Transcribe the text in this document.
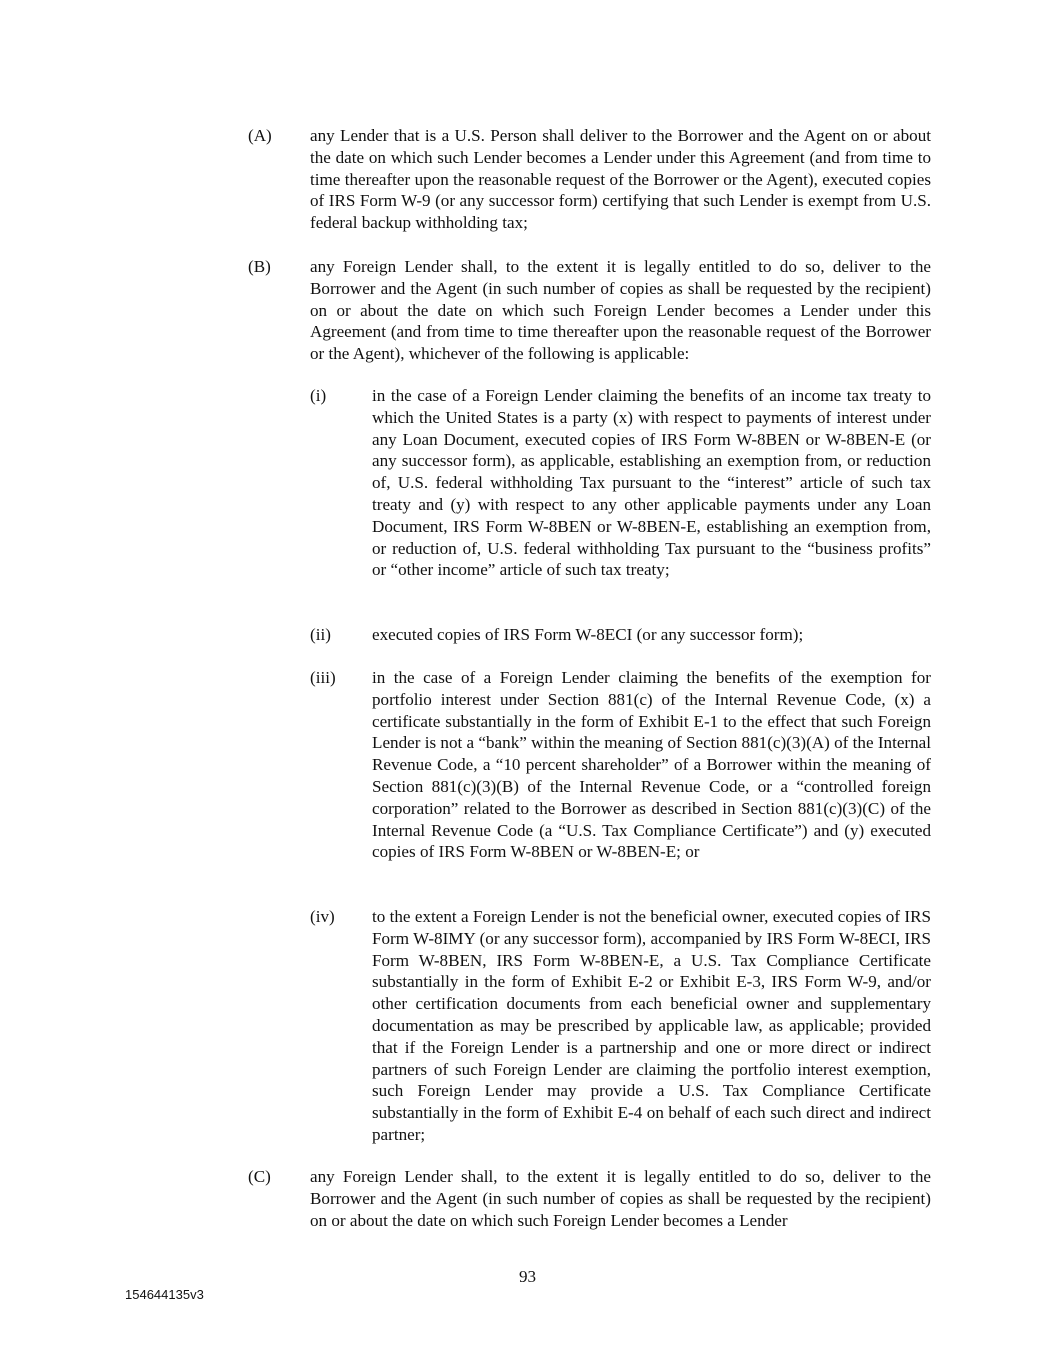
(A) any Lender that is a U.S. Person shall deliver to the Borrower and the Agent on or about the date on which such Lender becomes a Lender under this Agreement (and from time to time thereafter upon the reasonable request of the Borrower or the Agent), executed copies of IRS Form W-9 (or any successor form) certifying that such Lender is exempt from U.S. federal backup withholding tax;

(B) any Foreign Lender shall, to the extent it is legally entitled to do so, deliver to the Borrower and the Agent (in such number of copies as shall be requested by the recipient) on or about the date on which such Foreign Lender becomes a Lender under this Agreement (and from time to time thereafter upon the reasonable request of the Borrower or the Agent), whichever of the following is applicable:

(i)	in the case of a Foreign Lender claiming the benefits of an income tax treaty to which the United States is a party (x) with respect to payments of interest under any Loan Document, executed copies of IRS Form W-8BEN or W-8BEN-E (or any successor form), as applicable, establishing an exemption from, or reduction of, U.S. federal withholding Tax pursuant to the “interest” article of such tax treaty and (y) with respect to any other applicable payments under any Loan Document, IRS Form W-8BEN or W-8BEN-E, establishing an exemption from, or reduction of, U.S. federal withholding Tax pursuant to the “business profits” or “other income” article of such tax treaty;

(ii) executed copies of IRS Form W-8ECI (or any successor form);

(iii) in the case of a Foreign Lender claiming the benefits of the exemption for portfolio interest under Section 881(c) of the Internal Revenue Code, (x) a certificate substantially in the form of Exhibit E-1 to the effect that such Foreign Lender is not a “bank” within the meaning of Section 881(c)(3)(A) of the Internal Revenue Code, a “10 percent shareholder” of a Borrower within the meaning of Section 881(c)(3)(B) of the Internal Revenue Code, or a “controlled foreign corporation” related to the Borrower as described in Section 881(c)(3)(C) of the Internal Revenue Code (a “U.S. Tax Compliance Certificate”) and (y) executed copies of IRS Form W-8BEN or W-8BEN-E; or

(iv) to the extent a Foreign Lender is not the beneficial owner, executed copies of IRS Form W-8IMY (or any successor form), accompanied by IRS Form W-8ECI, IRS Form W-8BEN, IRS Form W-8BEN-E, a U.S. Tax Compliance Certificate substantially in the form of Exhibit E-2 or Exhibit E-3, IRS Form W-9, and/or other certification documents from each beneficial owner and supplementary documentation as may be prescribed by applicable law, as applicable; provided that if the Foreign Lender is a partnership and one or more direct or indirect partners of such Foreign Lender are claiming the portfolio interest exemption, such Foreign Lender may provide a U.S. Tax Compliance Certificate substantially in the form of Exhibit E-4 on behalf of each such direct and indirect partner;

(C) any Foreign Lender shall, to the extent it is legally entitled to do so, deliver to the Borrower and the Agent (in such number of copies as shall be requested by the recipient) on or about the date on which such Foreign Lender becomes a Lender

93
154644135v3
